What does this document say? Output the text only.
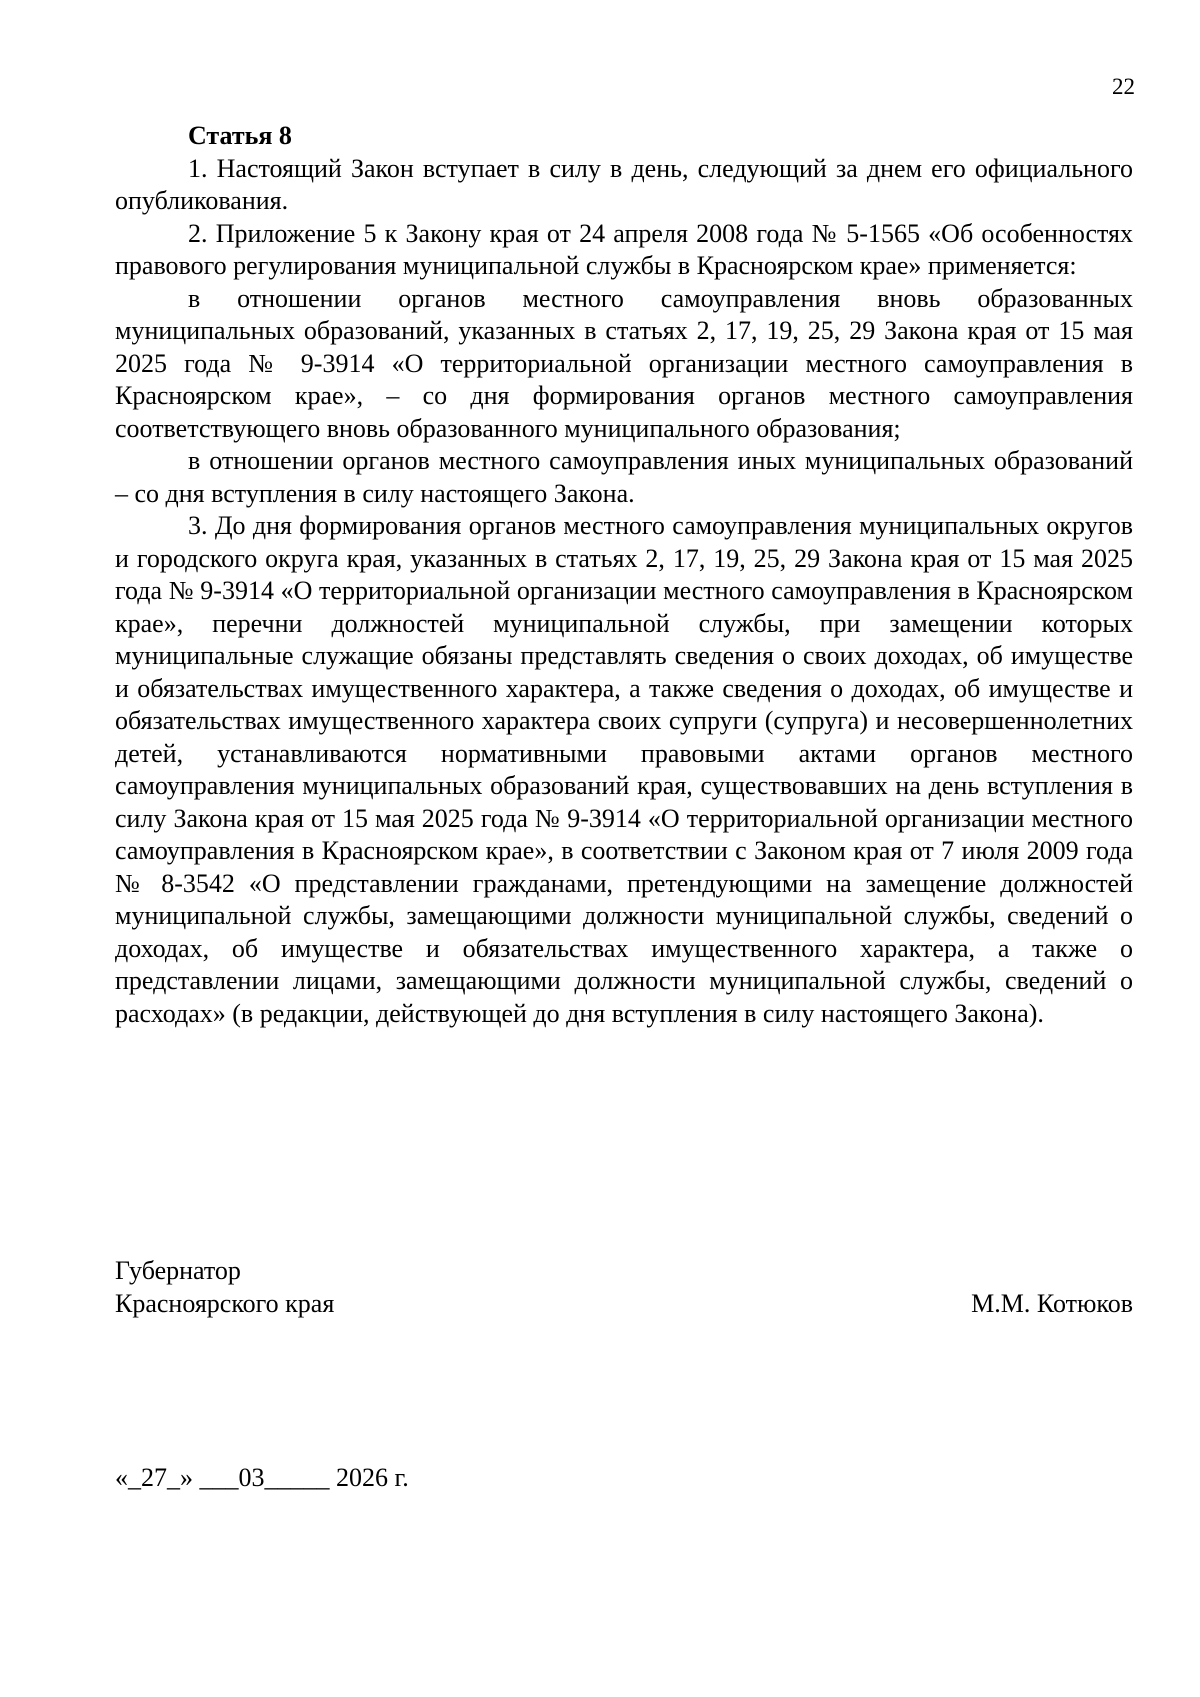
22

Статья 8

1. Настоящий Закон вступает в силу в день, следующий за днем его официального опубликования.

2. Приложение 5 к Закону края от 24 апреля 2008 года № 5-1565 «Об особенностях правового регулирования муниципальной службы в Красноярском крае» применяется:

в отношении органов местного самоуправления вновь образованных муниципальных образований, указанных в статьях 2, 17, 19, 25, 29 Закона края от 15 мая 2025 года № 9-3914 «О территориальной организации местного самоуправления в Красноярском крае», – со дня формирования органов местного самоуправления соответствующего вновь образованного муниципального образования;

в отношении органов местного самоуправления иных муниципальных образований – со дня вступления в силу настоящего Закона.

3. До дня формирования органов местного самоуправления муниципальных округов и городского округа края, указанных в статьях 2, 17, 19, 25, 29 Закона края от 15 мая 2025 года № 9-3914 «О территориальной организации местного самоуправления в Красноярском крае», перечни должностей муниципальной службы, при замещении которых муниципальные служащие обязаны представлять сведения о своих доходах, об имуществе и обязательствах имущественного характера, а также сведения о доходах, об имуществе и обязательствах имущественного характера своих супруги (супруга) и несовершеннолетних детей, устанавливаются нормативными правовыми актами органов местного самоуправления муниципальных образований края, существовавших на день вступления в силу Закона края от 15 мая 2025 года № 9-3914 «О территориальной организации местного самоуправления в Красноярском крае», в соответствии с Законом края от 7 июля 2009 года № 8-3542 «О представлении гражданами, претендующими на замещение должностей муниципальной службы, замещающими должности муниципальной службы, сведений о доходах, об имуществе и обязательствах имущественного характера, а также о представлении лицами, замещающими должности муниципальной службы, сведений о расходах» (в редакции, действующей до дня вступления в силу настоящего Закона).

Губернатор

Красноярского края	М.М. Котюков

«_27_» ___03_____ 2026 г.
